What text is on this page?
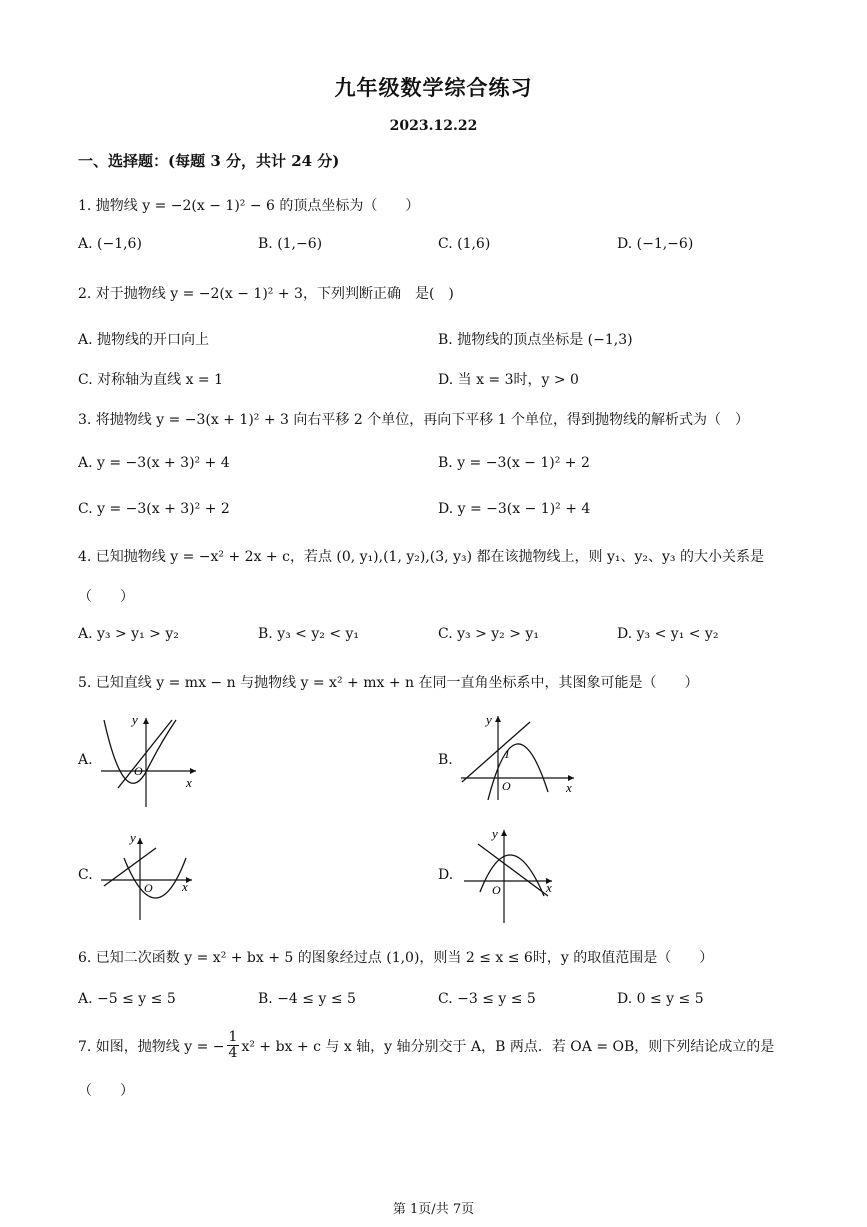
九年级数学综合练习
2023.12.22
一、选择题：(每题 3 分，共计 24 分)
1. 抛物线 y = −2(x − 1)² − 6 的顶点坐标为（　　）
A. (−1,6)	B. (1,−6)	C. (1,6)	D. (−1,−6)
2. 对于抛物线 y = −2(x − 1)² + 3，下列判断正确　是(　)
A. 抛物线的开口向上	B. 抛物线的顶点坐标是 (−1,3)
C. 对称轴为直线 x = 1	D. 当 x = 3时，y > 0
3. 将抛物线 y = −3(x + 1)² + 3 向右平移 2 个单位，再向下平移 1 个单位，得到抛物线的解析式为（　）
A. y = −3(x + 3)² + 4	B. y = −3(x − 1)² + 2
C. y = −3(x + 3)² + 2	D. y = −3(x − 1)² + 4
4. 已知抛物线 y = −x² + 2x + c，若点 (0, y₁),(1, y₂),(3, y₃) 都在该抛物线上，则 y₁、y₂、y₃ 的大小关系是
（　　）
A. y₃ > y₁ > y₂	B. y₃ < y₂ < y₁	C. y₃ > y₂ > y₁	D. y₃ < y₁ < y₂
5. 已知直线 y = mx − n 与抛物线 y = x² + mx + n 在同一直角坐标系中，其图象可能是（　　）
A.	B.
C.	D.
y
x
O
y
x
O
1
y
x
O
y
x
O
6. 已知二次函数 y = x² + bx + 5 的图象经过点 (1,0)，则当 2 ≤ x ≤ 6时，y 的取值范围是（　　）
A. −5 ≤ y ≤ 5	B. −4 ≤ y ≤ 5	C. −3 ≤ y ≤ 5	D. 0 ≤ y ≤ 5
7. 如图，抛物线 y = − $\frac{1}{4} x^2$ + bx + c 与 x 轴，y 轴分别交于 A，B 两点．若 OA = OB，则下列结论成立的是
（　　）
第 1页/共 7页
